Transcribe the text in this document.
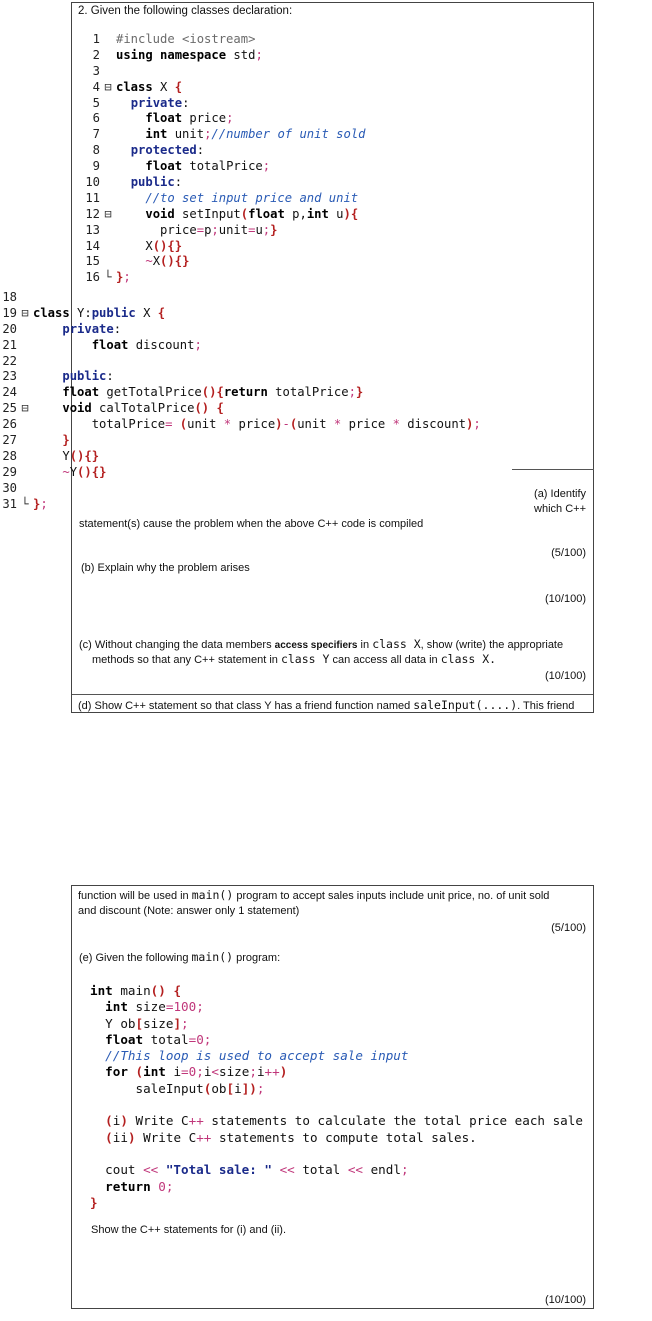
2. Given the following classes declaration:
1 #include <iostream>
2 using namespace std;
3
4 ⊟ class X {
5	private:
6	float price;
7	int unit;//number of unit sold
8	protected:
9	float totalPrice;
10	public:
11	//to set input price and unit
12 ⊟	void setInput(float p,int u){
13      price=p;unit=u;}
14    X(){}
15	~X(){}
16 └ };
18
19 ⊟ class Y:public X {
20	private:
21	float discount;
22
23	public:
24	float getTotalPrice(){return totalPrice;}
25 ⊟	void calTotalPrice() {
26        totalPrice= (unit * price)-(unit * price * discount);
27	}
28    Y(){}
29	~Y(){}
30
31 └ };
(a) Identify
which C++
statement(s) cause the problem when the above C++ code is compiled
(5/100)
(b) Explain why the problem arises
(10/100)
(c) Without changing the data members access specifiers in class X, show (write) the appropriate
methods so that any C++ statement in class Y can access all data in class X.
(10/100)
(d) Show C++ statement so that class Y has a friend function named saleInput(....). This friend
function will be used in main() program to accept sales inputs include unit price, no. of unit sold
and discount (Note: answer only 1 statement)
(5/100)
(e) Given the following main() program:
int main() {
int size=100;
Y ob[size];
float total=0;
//This loop is used to accept sale input
for (int i=0;i<size;i++)
saleInput(ob[i]);
(i) Write C++ statements to calculate the total price each sale
(ii) Write C++ statements to compute total sales.
cout << "Total sale: " << total << endl;
return 0;
}
Show the C++ statements for (i) and (ii).
(10/100)
